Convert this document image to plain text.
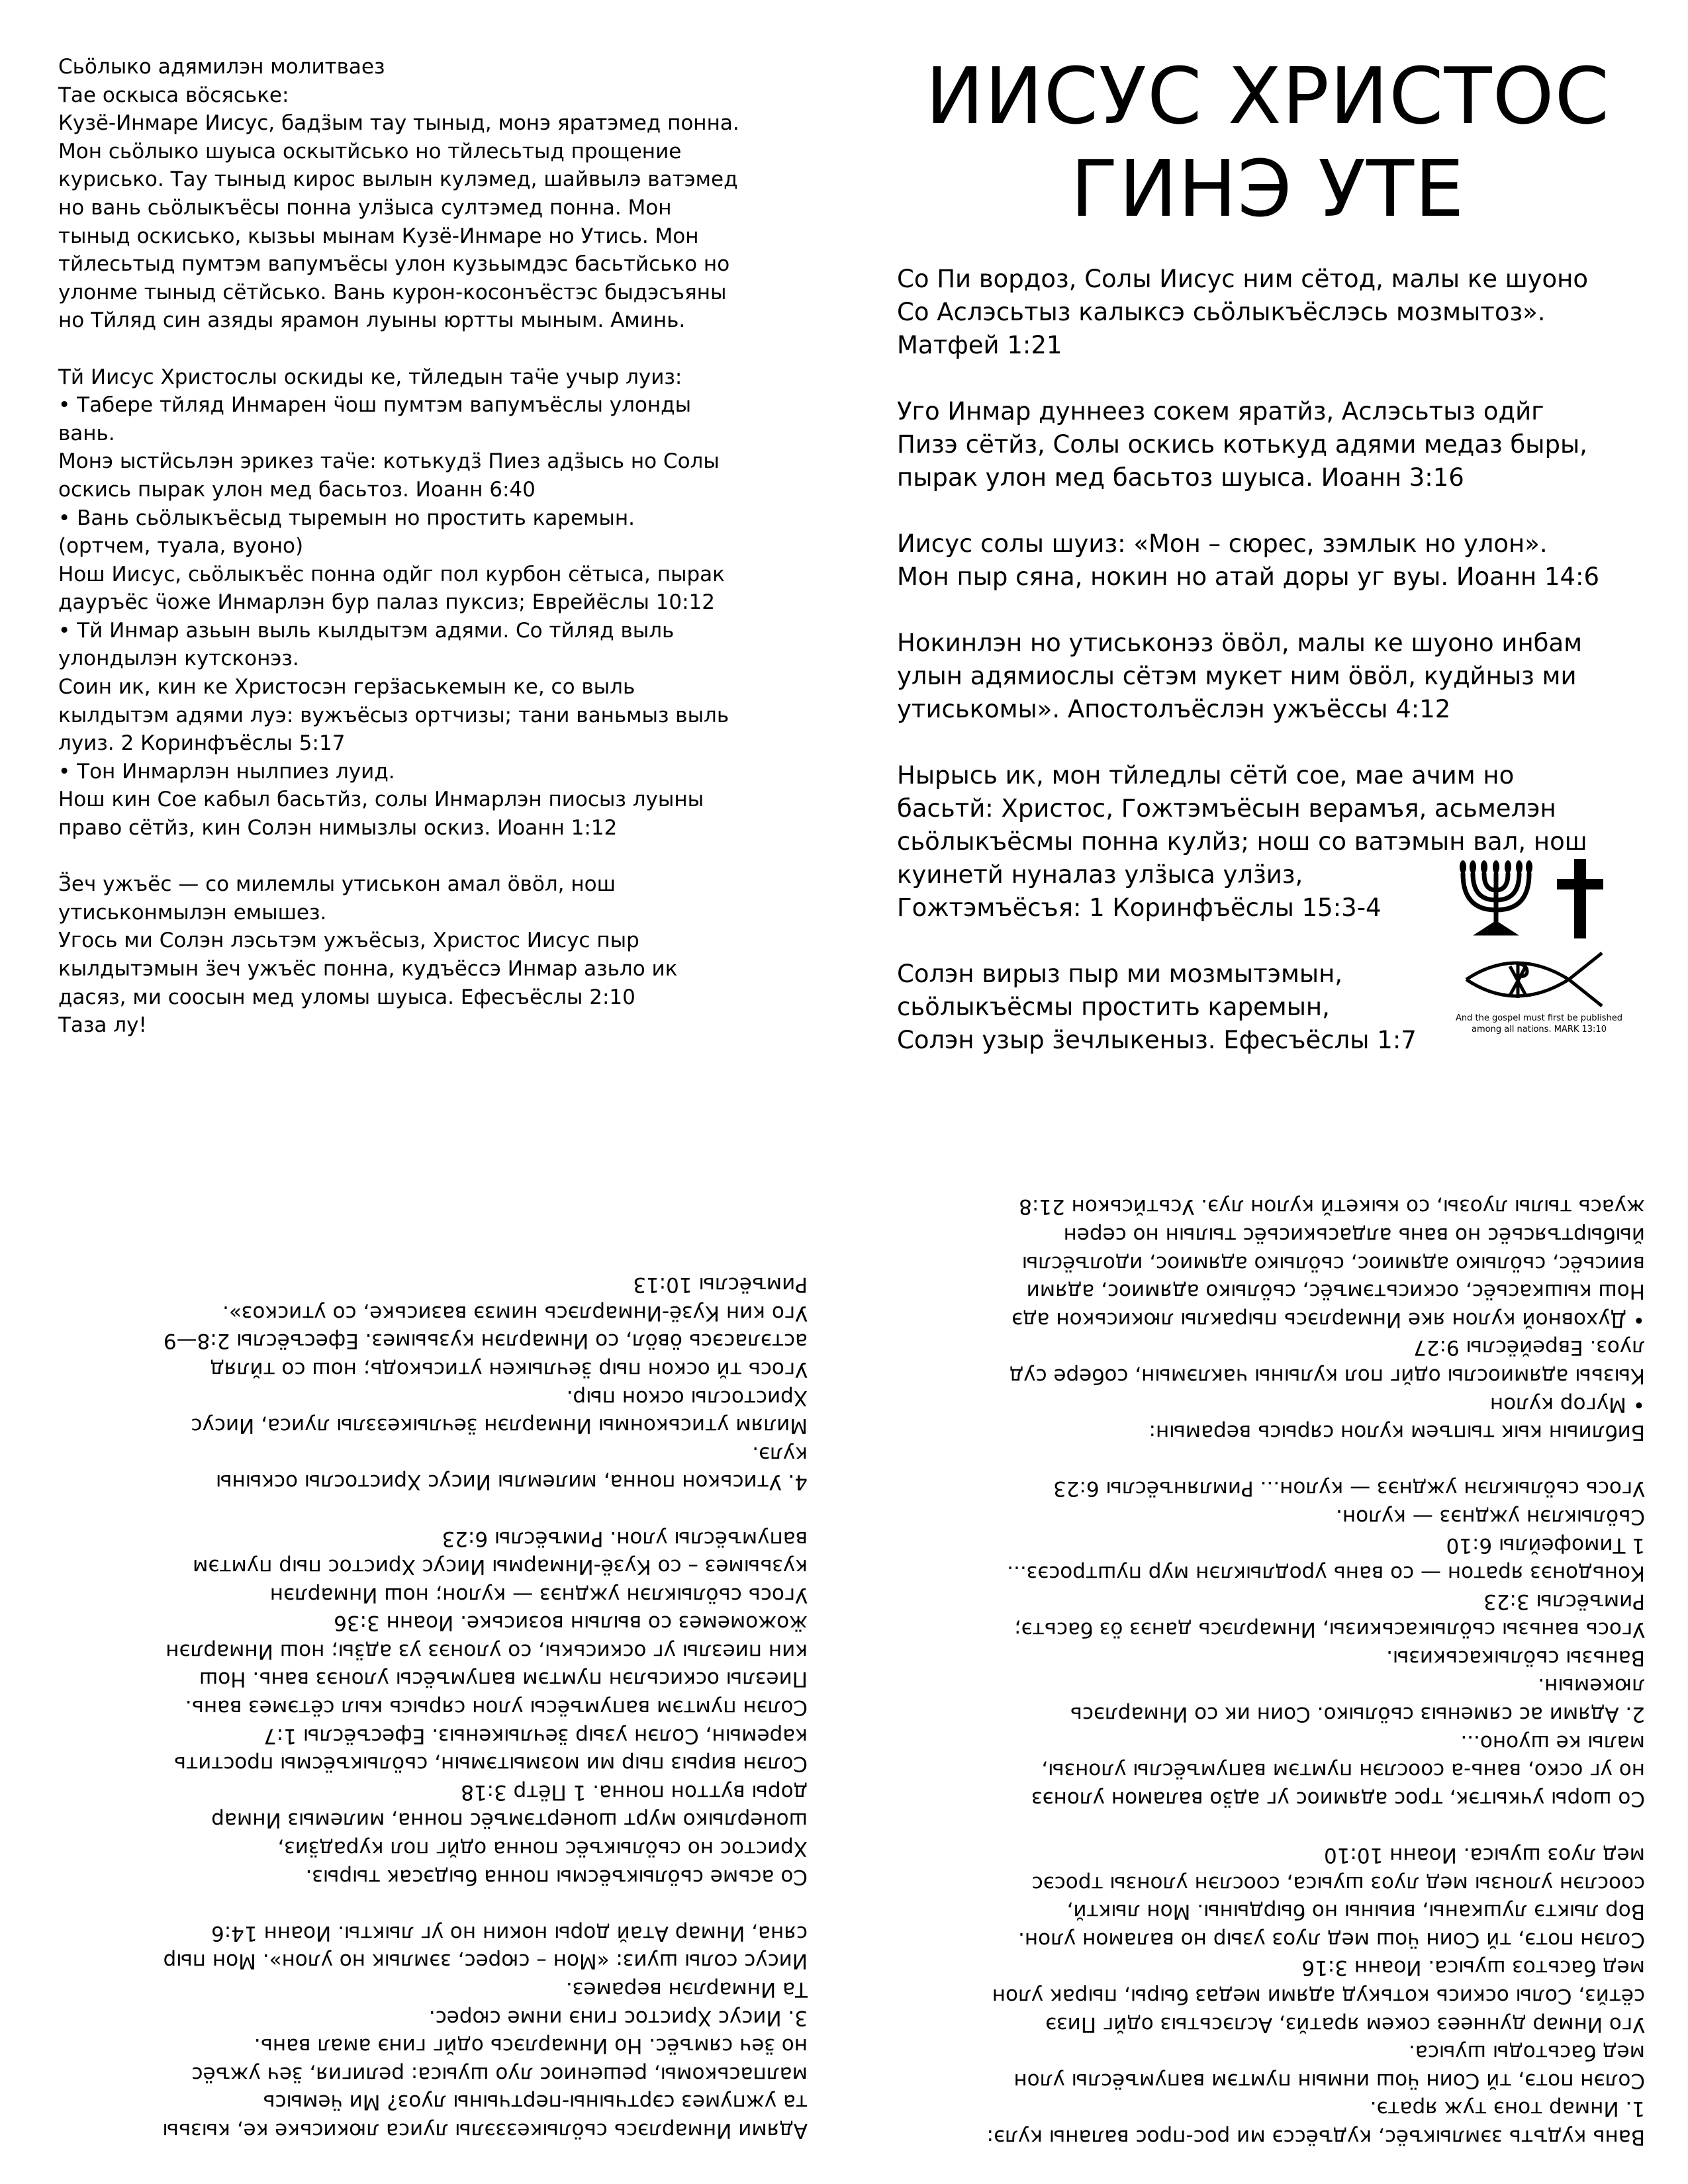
Сьӧлыко адямилэн молитваез
Тае оскыса вӧсяське:
Кузё-Инмаре Иисус, бадӟым тау тыныд, монэ яратэмед понна.
Мон сьӧлыко шуыса оскытйсько но тйлесьтыд прощение
курисько. Тау тыныд кирос вылын кулэмед, шайвылэ ватэмед
но вань сьӧлыкъёсы понна улӟыса султэмед понна. Мон
тыныд оскисько, кызьы мынам Кузё-Инмаре но Утись. Мон
тйлесьтыд пумтэм вапумъёсы улон кузьымдэс басьтйсько но
улонме тыныд сётйсько. Вань курон-косонъёстэс быдэсъяны
но Тйляд син азяды ярамон луыны юртты мыным. Аминь.
Тй Иисус Христослы оскиды ке, тйледын таӵе учыр луиз:
• Табере тйляд Инмарен ӵош пумтэм вапумъёслы улонды
вань.
Монэ ыстӥсьлэн эрикез таӵе: котькудӟ Пиез адӟысь но Солы
оскись пырак улон мед басьтоз. Иоанн 6:40
• Вань сьӧлыкъёсыд тыремын но простить каремын.
(ортчем, туала, вуоно)
Нош Иисус, сьӧлыкъёс понна одйг пол курбон сётыса, пырак
дауръёс ӵоже Инмарлэн бур палаз пуксиз; Еврейёслы 10:12
• Тй Инмар азьын выль кылдытэм адями. Со тйляд выль
улондылэн кутсконэз.
Соин ик, кин ке Христосэн герӟаськемын ке, со выль
кылдытэм адями луэ: вужъёсыз ортчизы; тани ваньмыз выль
луиз. 2 Коринфъёслы 5:17
• Тон Инмарлэн нылпиез луид.
Нош кин Сое кабыл басьтйз, солы Инмарлэн пиосыз луыны
право сётйз, кин Солэн нимызлы оскиз. Иоанн 1:12
Ӟеч ужъёс — со милемлы утиськон амал ӧвӧл, нош
утиськонмылэн емышез.
Угось ми Солэн лэсьтэм ужъёсыз, Христос Иисус пыр
кылдытэмын ӟеч ужъёс понна, кудъёссэ Инмар азьло ик
дасяз, ми соосын мед уломы шуыса. Ефесъёслы 2:10
Таза лу!
ИИСУС ХРИСТОС
ГИНЭ УТЕ
Со Пи вордоз, Солы Иисус ним сётод, малы ке шуоно
Со Аслэсьтыз калыксэ сьӧлыкъёслэсь мозмытоз».
Матфей 1:21
Уго Инмар дуннеез сокем яратйз, Аслэсьтыз одйг
Пизэ сётйз, Солы оскись котькуд адями медаз быры,
пырак улон мед басьтоз шуыса. Иоанн 3:16
Иисус солы шуиз: «Мон – сюрес, зэмлык но улон».
Мон пыр сяна, нокин но атай доры уг вуы. Иоанн 14:6
Нокинлэн но утиськонэз ӧвӧл, малы ке шуоно инбам
улын адямиослы сётэм мукет ним ӧвӧл, кудйныз ми
утиськомы». Апостолъёслэн ужъёссы 4:12
Нырысь ик, мон тйледлы сётй сое, мае ачим но
басьтй: Христос, Гожтэмъёсын верамъя, асьмелэн
сьӧлыкъёсмы понна кулйз; нош со ватэмын вал, нош
куинетй нуналаз улӟыса улӟиз,
Гожтэмъёсъя: 1 Коринфъёслы 15:3-4
Солэн вирыз пыр ми мозмытэмын,
сьӧлыкъёсмы простить каремын,
Солэн узыр ӟечлыкеныз. Ефесъёслы 1:7
And the gospel must first be published
among all nations. MARK 13:10
Адями Инмарлэсь сьӧлыкеззэлы луиса люкиське ке, кызьы
та ужпумез сэртчыны-пертчыны луоз? Ми ӵемысь
малпаськомы, решениос луо шуыса: религия, ӟеч ужъёс
но ӟеч сямъёс. Но Инмарлэсь одйг гинэ амал вань.
3. Иисус Христос гинэ инмe сюрес.
Та Инмарлэн верамез.
Иисус солы шуиз: «Мон – сюрес, зэмлык но улон». Мон пыр
сяна, Инмар Атай доры нокин но уг лыкты. Иоанн 14:6
Со асьме сьӧлыкъёсмы понна быдэсак тырыз.
Христос но сьӧлыкъёс понна одйг пол курадӟиз,
шонерлыко мурт шонертэмъёс понна, милемыз Инмар
доры вуттон понна. 1 Пётр 3:18
Солэн вирыз пыр ми мозмытэмын, сьӧлыкъёсмы простить
каремын, Солэн узыр ӟечлыкеныз. Ефесъёслы 1:7
Солэн пумтэм вапумъёсы улон сярысь кыл сётэмез вань.
Пиезлы оскисьлэн пумтэм вапумъёсы улонэз вань. Нош
кин пиезлы уг оскиськы, со улонэз уз адӟы; нош Инмарлэн
ӝожомемез со вылын возиське. Иоанн 3:36
Угось сьӧлыклэн ужднэз — кулон; нош Инмарлэн
кузьымез – со Кузё-Инмармы Иисус Христос пыр пумтэм
вапумъёслы улон. Римъёслы 6:23
4. Утиськон понна, милемлы Иисус Христослы оскыны
кулэ.
Милям утиськонмы Инмарлэн ӟечлыкеззлы луиса, Иисус
Христослы оскон пыр.
Угось тй оскон пыр ӟечлыкен утиськодь; нош со тйляд
астэласэсь ӧвӧл, со Инмарлэн кузьымез. Ефесъёслы 2:8—9
Уго кин Кузё-Инмарлэсь нимзэ вазиське, со утискоз».
Римъёслы 10:13
Вань кудъть зэмлыкъёс, кудъёссэ ми рос-прос валаны кулэ:
1. Инмар тонэ туж яратэ.
Солэн потэ, тй Соин ӵош инмын пумтэм вапумъёслы улон
мед басьтоды шуыса.
Уго Инмар дуннеез сокем яратйз, Аслэсьтыз одйг Пизэ
сётйз, Солы оскись котькуд адями медаз быры, пырак улон
мед басьтоз шуыса. Иоанн 3:16
Солэн потэ, тй Соин ӵош мед луоз узыр но валамон улон.
Вор лыктэ лушканы, виыны но бырдыны. Мон лыктй,
соослэн улонзы мед луоз шуыса, соослэн улонзы тросэс
мед луоз шуыса. Иоанн 10:10
Со шоры учкытэк, трос адямиос уг адӟо валамон улонэз
но уг оско, вань-а соослэн пумтэм вапумъёслы улонзы,
малы ке шуоно...
2. Адями ас сяменыз сьӧлыко. Соин ик со Инмарлэсь
люкемын.
Ваньзы сьӧлыкаськизы.
Угось ваньзы сьӧлыкаськизы, Инмарлэсь данэз ӧз басьтэ;
Римъёслы 3:23
Коньдонэз яратон — со вань уродлыклэн мур пуштросэз...
1 Тимофейлы 6:10
Сьӧлыклэн ужднэз — кулон.
Угось сьӧлыклэн ужднэз — кулон... Римлянъёслы 6:23
Библиын кык тыпъем кулон сярысь верамын:
• Мугор кулон
Кызьы адямиослы одйг пол кулыны чаклэмын, собере суд
луоз. Еврейёслы 9:27
• Духовной кулон яке Инмарлэсь пыраклы люкиськон адэ
Нош кышкасьёс, оскисьтэмъёс, сьӧлыко адямиос, адями
виисьёс, сьӧлыко адямиос, сьӧлыко адямиос, идолъёслы
йыбыртъясьёс но вань алдаськисьёс тылын но серен
жуась тылы луозы, со кыкетй кулон луэ. Усьтйськон 21:8
